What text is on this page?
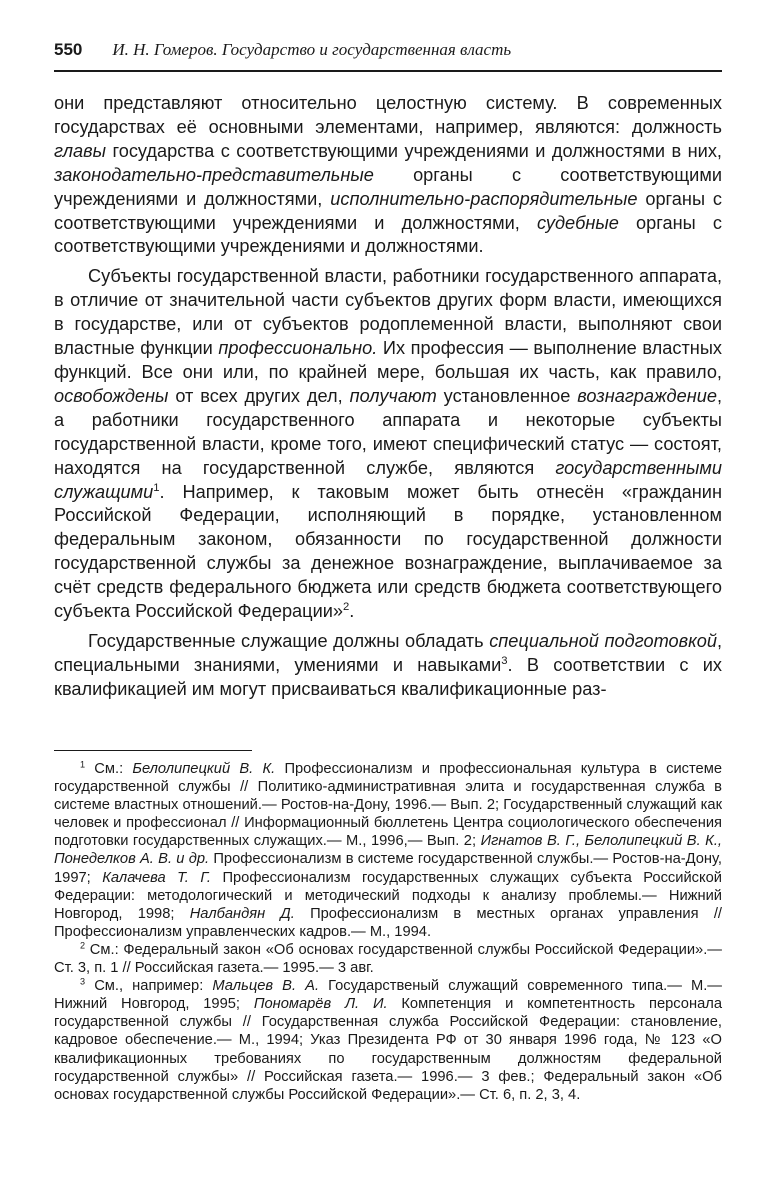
550 И. Н. Гомеров. Государство и государственная власть

они представляют относительно целостную систему. В современных государствах её основными элементами, например, являются: должность главы государства с соответствующими учреждениями и должностями в них, законодательно-представительные органы с соответствующими учреждениями и должностями, исполнительно-распорядительные органы с соответствующими учреждениями и должностями, судебные органы с соответствующими учреждениями и должностями.

Субъекты государственной власти, работники государственного аппарата, в отличие от значительной части субъектов других форм власти, имеющихся в государстве, или от субъектов родоплеменной власти, выполняют свои властные функции профессионально. Их профессия — выполнение властных функций. Все они или, по крайней мере, большая их часть, как правило, освобождены от всех других дел, получают установленное вознаграждение, а работники государственного аппарата и некоторые субъекты государственной власти, кроме того, имеют специфический статус — состоят, находятся на государственной службе, являются государственными служащими$^1$. Например, к таковым может быть отнесён «гражданин Российской Федерации, исполняющий в порядке, установленном федеральным законом, обязанности по государственной должности государственной службы за денежное вознаграждение, выплачиваемое за счёт средств федерального бюджета или средств бюджета соответствующего субъекта Российской Федерации»$^2$.

Государственные служащие должны обладать специальной подготовкой, специальными знаниями, умениями и навыками$^3$. В соответствии с их квалификацией им могут присваиваться квалификационные раз-

$^1$ См.: Белолипецкий В. К. Профессионализм и профессиональная культура в системе государственной службы // Политико-административная элита и государственная служба в системе властных отношений.— Ростов-на-Дону, 1996.— Вып. 2; Государственный служащий как человек и профессионал // Информационный бюллетень Центра социологического обеспечения подготовки государственных служащих.— М., 1996,— Вып. 2; Игнатов В. Г., Белолипецкий В. К., Понеделков А. В. и др. Профессионализм в системе государственной службы.— Ростов-на-Дону, 1997; Калачева Т. Г. Профессионализм государственных служащих субъекта Российской Федерации: методологический и методический подходы к анализу проблемы.— Нижний Новгород, 1998; Налбандян Д. Профессионализм в местных органах управления // Профессионализм управленческих кадров.— М., 1994.

$^2$ См.: Федеральный закон «Об основах государственной службы Российской Федерации».— Ст. 3, п. 1 // Российская газета.— 1995.— 3 авг.

$^3$ См., например: Мальцев В. А. Государственый служащий современного типа.— М.— Нижний Новгород, 1995; Пономарёв Л. И. Компетенция и компетентность персонала государственной службы // Государственная служба Российской Федерации: становление, кадровое обеспечение.— М., 1994; Указ Президента РФ от 30 января 1996 года, № 123 «О квалификационных требованиях по государственным должностям федеральной государственной службы» // Российская газета.— 1996.— 3 фев.; Федеральный закон «Об основах государственной службы Российской Федерации».— Ст. 6, п. 2, 3, 4.
